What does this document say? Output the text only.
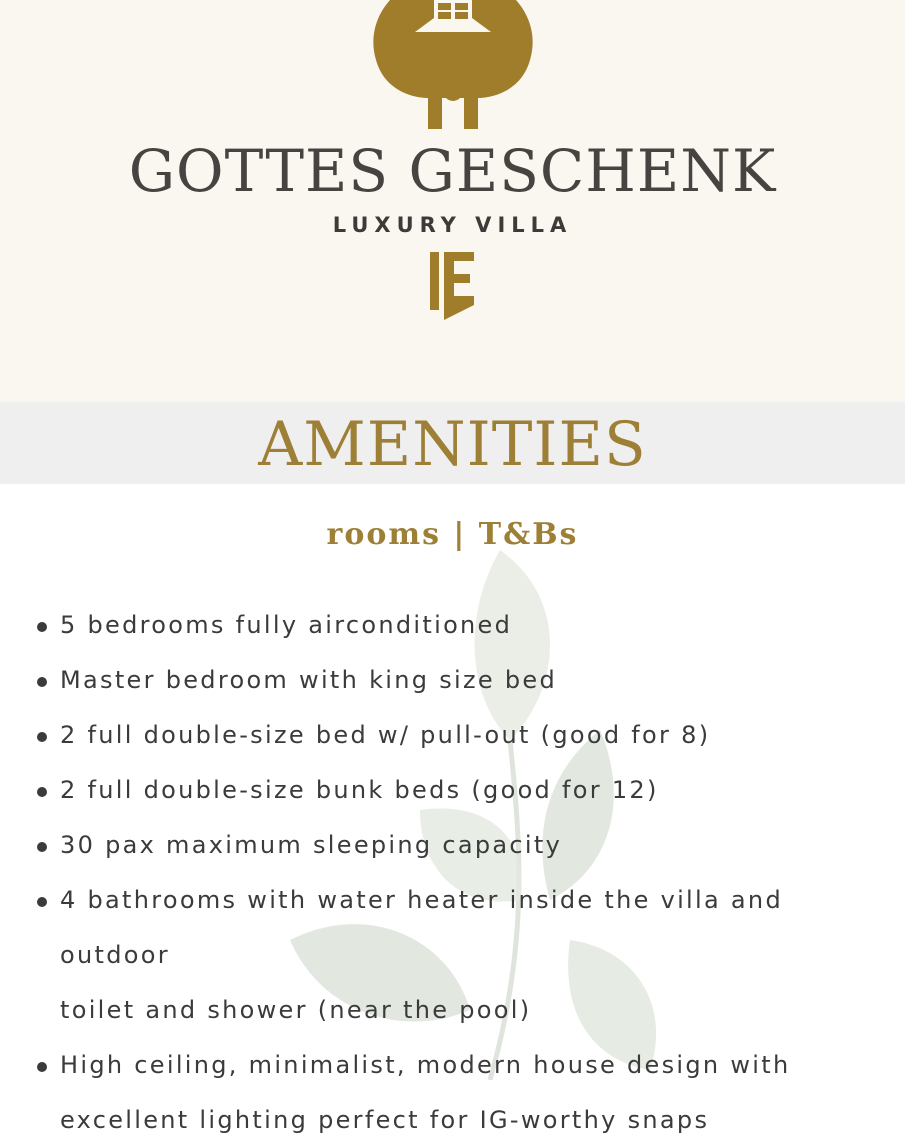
GOTTES GESCHENK
LUXURY VILLA
AMENITIES
rooms | T&Bs
5 bedrooms fully airconditioned
Master bedroom with king size bed
2 full double-size bed w/ pull-out (good for 8)
2 full double-size bunk beds (good for 12)
30 pax maximum sleeping capacity
4 bathrooms with water heater inside the villa and outdoor
toilet and shower (near the pool)
High ceiling, minimalist, modern house design with
excellent lighting perfect for IG-worthy snaps
